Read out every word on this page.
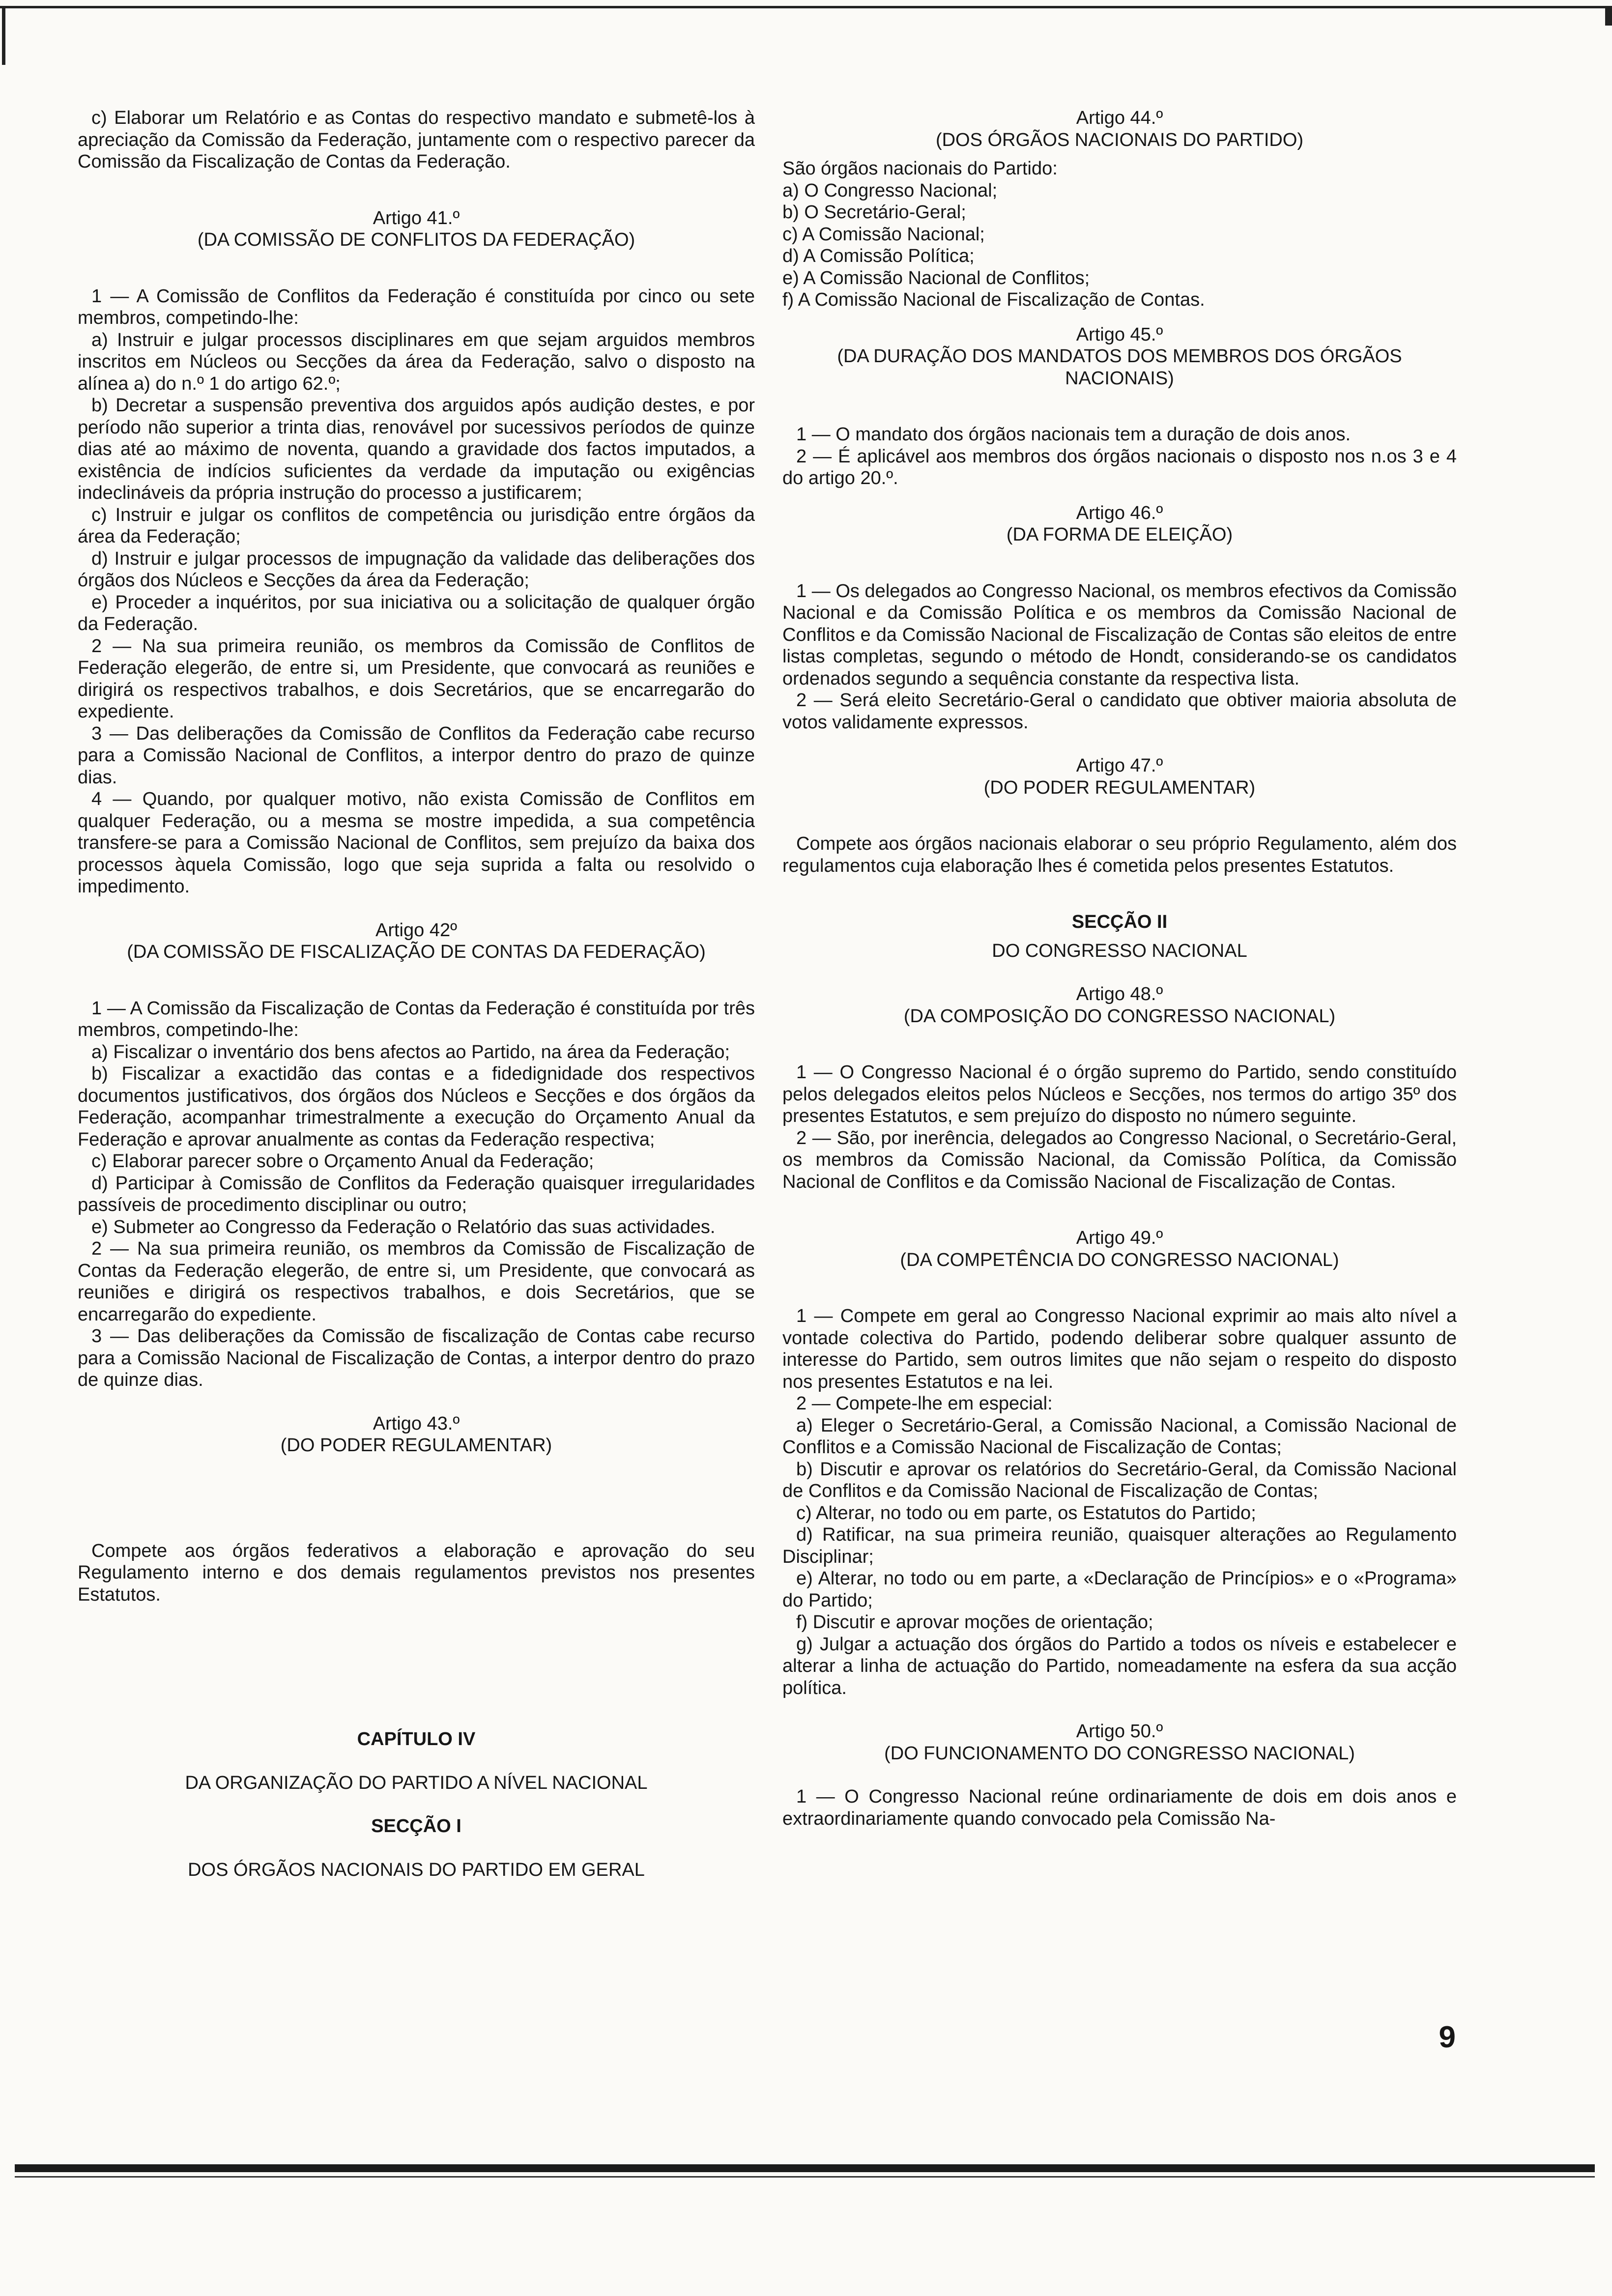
c) Elaborar um Relatório e as Contas do respectivo mandato e submetê-los à apreciação da Comissão da Federação, juntamente com o respectivo parecer da Comissão da Fiscalização de Contas da Federação.

Artigo 41.º

(DA COMISSÃO DE CONFLITOS DA FEDERAÇÃO)

1 — A Comissão de Conflitos da Federação é constituída por cinco ou sete membros, competindo-lhe:

a) Instruir e julgar processos disciplinares em que sejam arguidos membros inscritos em Núcleos ou Secções da área da Federação, salvo o disposto na alínea a) do n.º 1 do artigo 62.º;

b) Decretar a suspensão preventiva dos arguidos após audição destes, e por período não superior a trinta dias, renovável por sucessivos períodos de quinze dias até ao máximo de noventa, quando a gravidade dos factos imputados, a existência de indícios suficientes da verdade da imputação ou exigências indeclináveis da própria instrução do processo a justificarem;

c) Instruir e julgar os conflitos de competência ou jurisdição entre órgãos da área da Federação;

d) Instruir e julgar processos de impugnação da validade das deliberações dos órgãos dos Núcleos e Secções da área da Federação;

e) Proceder a inquéritos, por sua iniciativa ou a solicitação de qualquer órgão da Federação.

2 — Na sua primeira reunião, os membros da Comissão de Conflitos de Federação elegerão, de entre si, um Presidente, que convocará as reuniões e dirigirá os respectivos trabalhos, e dois Secretários, que se encarregarão do expediente.

3 — Das deliberações da Comissão de Conflitos da Federação cabe recurso para a Comissão Nacional de Conflitos, a interpor dentro do prazo de quinze dias.

4 — Quando, por qualquer motivo, não exista Comissão de Conflitos em qualquer Federação, ou a mesma se mostre impedida, a sua competência transfere-se para a Comissão Nacional de Conflitos, sem prejuízo da baixa dos processos àquela Comissão, logo que seja suprida a falta ou resolvido o impedimento.

Artigo 42º

(DA COMISSÃO DE FISCALIZAÇÃO DE CONTAS DA FEDERAÇÃO)

1 — A Comissão da Fiscalização de Contas da Federação é constituída por três membros, competindo-lhe:

a) Fiscalizar o inventário dos bens afectos ao Partido, na área da Federação;

b) Fiscalizar a exactidão das contas e a fidedignidade dos respectivos documentos justificativos, dos órgãos dos Núcleos e Secções e dos órgãos da Federação, acompanhar trimestralmente a execução do Orçamento Anual da Federação e aprovar anualmente as contas da Federação respectiva;

c) Elaborar parecer sobre o Orçamento Anual da Federação;

d) Participar à Comissão de Conflitos da Federação quaisquer irregularidades passíveis de procedimento disciplinar ou outro;

e) Submeter ao Congresso da Federação o Relatório das suas actividades.

2 — Na sua primeira reunião, os membros da Comissão de Fiscalização de Contas da Federação elegerão, de entre si, um Presidente, que convocará as reuniões e dirigirá os respectivos trabalhos, e dois Secretários, que se encarregarão do expediente.

3 — Das deliberações da Comissão de fiscalização de Contas cabe recurso para a Comissão Nacional de Fiscalização de Contas, a interpor dentro do prazo de quinze dias.

Artigo 43.º

(DO PODER REGULAMENTAR)

Compete aos órgãos federativos a elaboração e aprovação do seu Regulamento interno e dos demais regulamentos previstos nos presentes Estatutos.

CAPÍTULO IV

DA ORGANIZAÇÃO DO PARTIDO A NÍVEL NACIONAL

SECÇÃO I

DOS ÓRGÃOS NACIONAIS DO PARTIDO EM GERAL

Artigo 44.º

(DOS ÓRGÃOS NACIONAIS DO PARTIDO)

São órgãos nacionais do Partido:

a) O Congresso Nacional;

b) O Secretário-Geral;

c) A Comissão Nacional;

d) A Comissão Política;

e) A Comissão Nacional de Conflitos;

f) A Comissão Nacional de Fiscalização de Contas.

Artigo 45.º

(DA DURAÇÃO DOS MANDATOS DOS MEMBROS DOS ÓRGÃOS NACIONAIS)

1 — O mandato dos órgãos nacionais tem a duração de dois anos.

2 — É aplicável aos membros dos órgãos nacionais o disposto nos n.os 3 e 4 do artigo 20.º.

Artigo 46.º

(DA FORMA DE ELEIÇÃO)

1 — Os delegados ao Congresso Nacional, os membros efectivos da Comissão Nacional e da Comissão Política e os membros da Comissão Nacional de Conflitos e da Comissão Nacional de Fiscalização de Contas são eleitos de entre listas completas, segundo o método de Hondt, considerando-se os candidatos ordenados segundo a sequência constante da respectiva lista.

2 — Será eleito Secretário-Geral o candidato que obtiver maioria absoluta de votos validamente expressos.

Artigo 47.º

(DO PODER REGULAMENTAR)

Compete aos órgãos nacionais elaborar o seu próprio Regulamento, além dos regulamentos cuja elaboração lhes é cometida pelos presentes Estatutos.

SECÇÃO II

DO CONGRESSO NACIONAL

Artigo 48.º

(DA COMPOSIÇÃO DO CONGRESSO NACIONAL)

1 — O Congresso Nacional é o órgão supremo do Partido, sendo constituído pelos delegados eleitos pelos Núcleos e Secções, nos termos do artigo 35º dos presentes Estatutos, e sem prejuízo do disposto no número seguinte.

2 — São, por inerência, delegados ao Congresso Nacional, o Secretário-Geral, os membros da Comissão Nacional, da Comissão Política, da Comissão Nacional de Conflitos e da Comissão Nacional de Fiscalização de Contas.

Artigo 49.º

(DA COMPETÊNCIA DO CONGRESSO NACIONAL)

1 — Compete em geral ao Congresso Nacional exprimir ao mais alto nível a vontade colectiva do Partido, podendo deliberar sobre qualquer assunto de interesse do Partido, sem outros limites que não sejam o respeito do disposto nos presentes Estatutos e na lei.

2 — Compete-lhe em especial:

a) Eleger o Secretário-Geral, a Comissão Nacional, a Comissão Nacional de Conflitos e a Comissão Nacional de Fiscalização de Contas;

b) Discutir e aprovar os relatórios do Secretário-Geral, da Comissão Nacional de Conflitos e da Comissão Nacional de Fiscalização de Contas;

c) Alterar, no todo ou em parte, os Estatutos do Partido;

d) Ratificar, na sua primeira reunião, quaisquer alterações ao Regulamento Disciplinar;

e) Alterar, no todo ou em parte, a «Declaração de Princípios» e o «Programa» do Partido;

f) Discutir e aprovar moções de orientação;

g) Julgar a actuação dos órgãos do Partido a todos os níveis e estabelecer e alterar a linha de actuação do Partido, nomeadamente na esfera da sua acção política.

Artigo 50.º

(DO FUNCIONAMENTO DO CONGRESSO NACIONAL)

1 — O Congresso Nacional reúne ordinariamente de dois em dois anos e extraordinariamente quando convocado pela Comissão Na-

9
